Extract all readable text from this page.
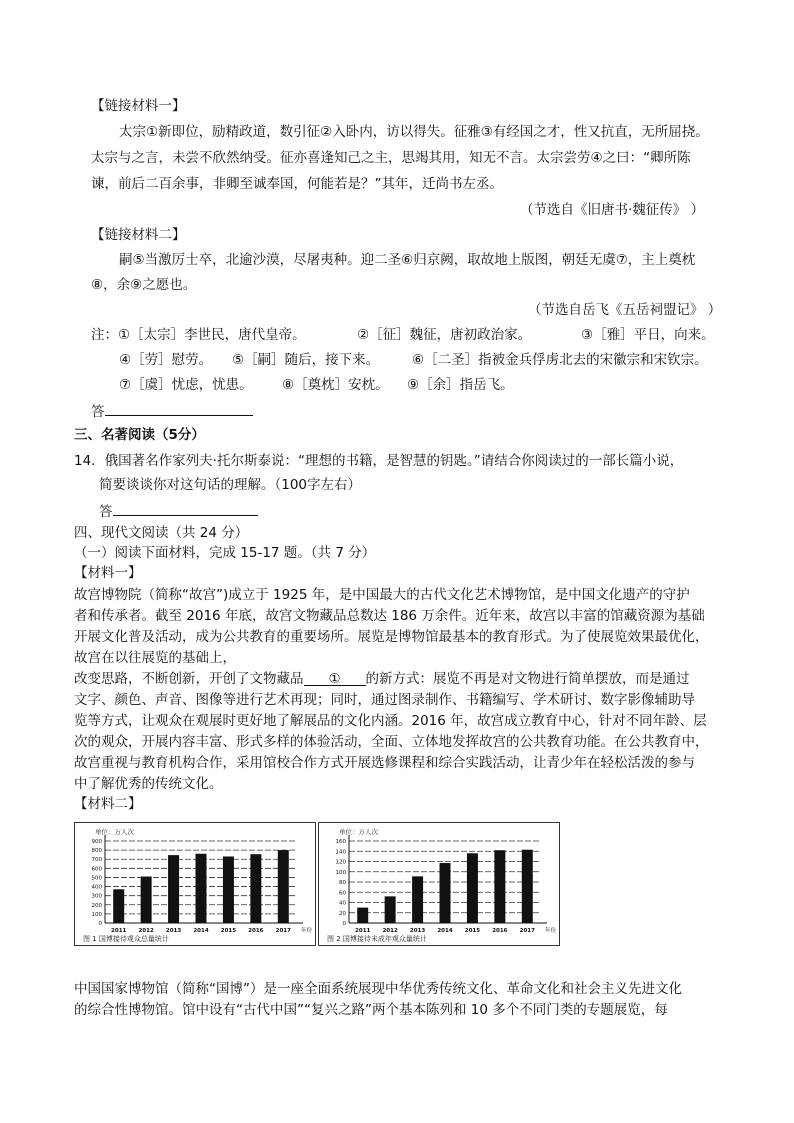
【链接材料一】
太宗①新即位，励精政道，数引征②入卧内，访以得失。征雅③有经国之才，性又抗直，无所屈挠。
太宗与之言，未尝不欣然纳受。征亦喜逢知己之主，思竭其用，知无不言。太宗尝劳④之曰：“卿所陈
谏，前后二百余事，非卿至诚奉国，何能若是？”其年，迁尚书左丞。
（节选自《旧唐书·魏征传》 ）
【链接材料二】
嗣⑤当激厉士卒，北逾沙漠，尽屠夷种。迎二圣⑥归京阙，取故地上版图，朝廷无虞⑦，主上奠枕
⑧，余⑨之愿也。
（节选自岳飞《五岳祠盟记》 ）
注：①［太宗］李世民，唐代皇帝。	②［征］魏征，唐初政治家。	③［雅］平日，向来。
④［劳］慰劳。 ⑤［嗣］随后，接下来。 ⑥［二圣］指被金兵俘虏北去的宋徽宗和宋钦宗。
⑦［虞］忧虑，忧患。 ⑧［奠枕］安枕。 ⑨［余］指岳飞。
答
三、名著阅读（5分）
14．俄国著名作家列夫·托尔斯泰说：“理想的书籍，是智慧的钥匙。”请结合你阅读过的一部长篇小说，
简要谈谈你对这句话的理解。（100字左右）
答
四、现代文阅读（共 24 分）
（一）阅读下面材料，完成 15-17 题。（共 7 分）
【材料一】
故宫博物院（简称“故宫”)成立于 1925 年，是中国最大的古代文化艺术博物馆，是中国文化遗产的守护
者和传承者。截至 2016 年底，故宫文物藏品总数达 186 万余件。近年来，故宫以丰富的馆藏资源为基础
开展文化普及活动，成为公共教育的重要场所。展览是博物馆最基本的教育形式。为了使展览效果最优化，
故宫在以往展览的基础上，
改变思路，不断创新，开创了文物藏品 ① 的新方式：展览不再是对文物进行简单摆放，而是通过
文字、颜色、声音、图像等进行艺术再现；同时，通过图录制作、书籍编写、学术研讨、数字影像辅助导
览等方式，让观众在观展时更好地了解展品的文化内涵。2016 年，故宫成立教育中心，针对不同年龄、层
次的观众，开展内容丰富、形式多样的体验活动，全面、立体地发挥故宫的公共教育功能。在公共教育中，
故宫重视与教育机构合作，采用馆校合作方式开展选修课程和综合实践活动，让青少年在轻松活泼的参与
中了解优秀的传统文化。
【材料二】
单位：万人次
0
100
200
300
400
500
600
700
800
900
2011 2012 2013 2014 2015 2016 2017 年份
图 1 国博接待观众总量统计
单位：万人次
0
20
40
60
80
100
120
140
160
2011 2012 2013 2014 2015 2016 2017 年份
图 2 国博接待未成年观众量统计
中国国家博物馆（简称“国博”）是一座全面系统展现中华优秀传统文化、革命文化和社会主义先进文化
的综合性博物馆。馆中设有“古代中国”“复兴之路”两个基本陈列和 10 多个不同门类的专题展览，每
